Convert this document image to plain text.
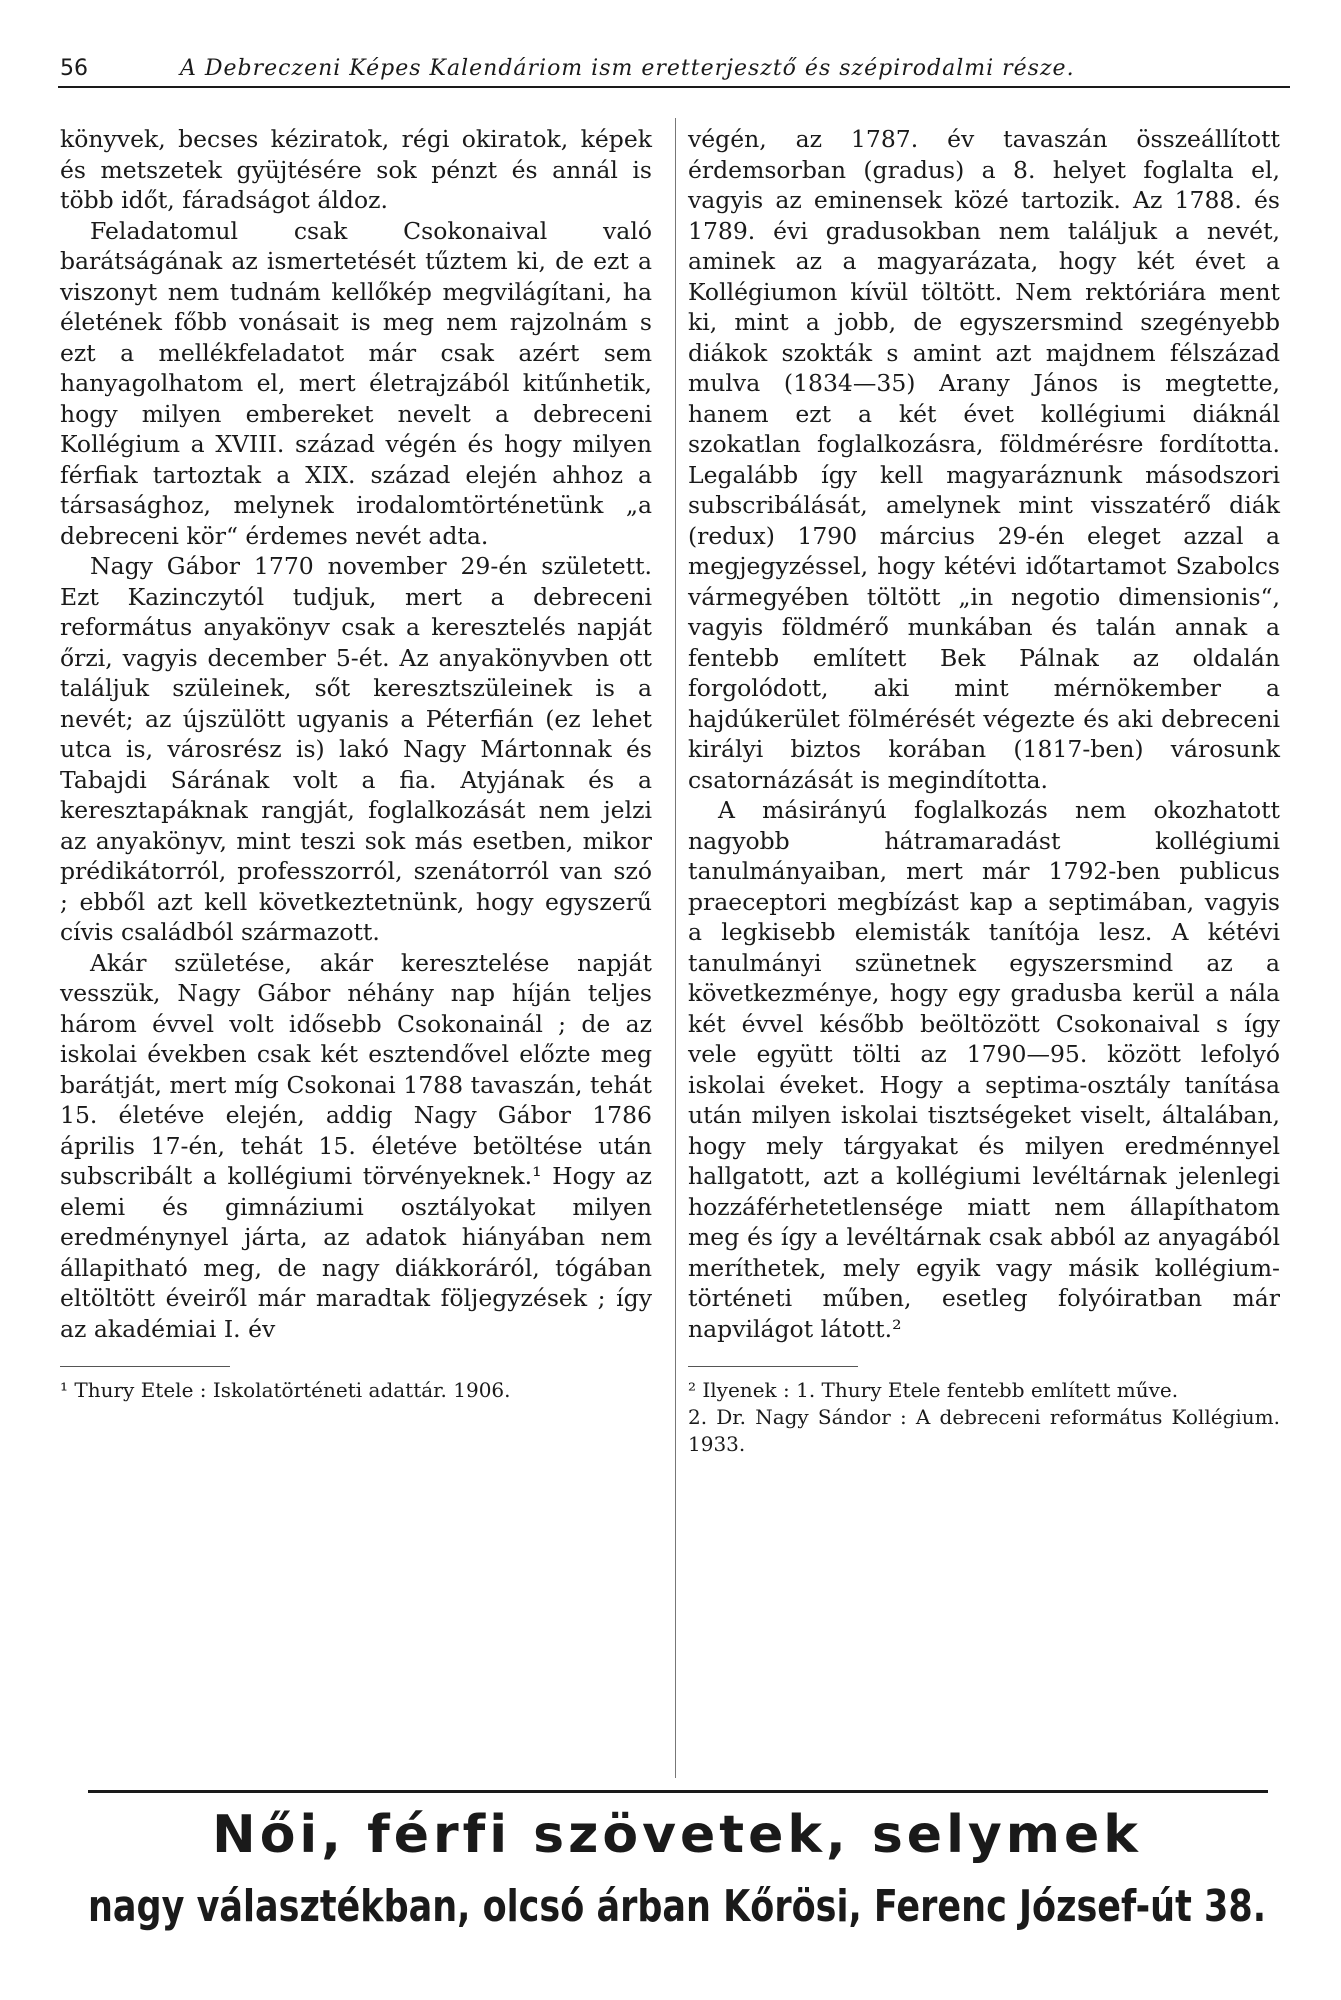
56	A Debreczeni Képes Kalendáriom ism eretterjesztő és szépirodalmi része.

könyvek, becses kéziratok, régi okiratok, képek és metszetek gyüjtésére sok pénzt és annál is több időt, fáradságot áldoz.

Feladatomul csak Csokonaival való barátságának az ismertetését tűztem ki, de ezt a viszonyt nem tudnám kellőkép megvilágítani, ha életének főbb vonásait is meg nem rajzolnám s ezt a mellékfeladatot már csak azért sem hanyagolhatom el, mert életrajzából kitűnhetik, hogy milyen embereket nevelt a debreceni Kollégium a XVIII. század végén és hogy milyen férfiak tartoztak a XIX. század elején ahhoz a társasághoz, melynek irodalomtörténetünk „a debreceni kör“ érdemes nevét adta.

Nagy Gábor 1770 november 29-én született. Ezt Kazinczytól tudjuk, mert a debreceni református anyakönyv csak a keresztelés napját őrzi, vagyis december 5-ét. Az anyakönyvben ott találjuk szüleinek, sőt keresztszüleinek is a nevét; az újszülött ugyanis a Péterfián (ez lehet utca is, városrész is) lakó Nagy Mártonnak és Tabajdi Sárának volt a fia. Atyjának és a keresztapáknak rangját, foglalkozását nem jelzi az anyakönyv, mint teszi sok más esetben, mikor prédikátorról, professzorról, szenátorról van szó ; ebből azt kell következtetnünk, hogy egyszerű cívis családból származott.

Akár születése, akár keresztelése napját vesszük, Nagy Gábor néhány nap híján teljes három évvel volt idősebb Csokonainál ; de az iskolai években csak két esztendővel előzte meg barátját, mert míg Csokonai 1788 tavaszán, tehát 15. életéve elején, addig Nagy Gábor 1786 április 17-én, tehát 15. életéve betöltése után subscribált a kollégiumi törvényeknek.¹ Hogy az elemi és gimnáziumi osztályokat milyen eredménynyel járta, az adatok hiányában nem állapitható meg, de nagy diákkoráról, tógában eltöltött éveiről már maradtak följegyzések ; így az akadémiai I. év

¹ Thury Etele : Iskolatörténeti adattár. 1906.

végén, az 1787. év tavaszán összeállított érdemsorban (gradus) a 8. helyet foglalta el, vagyis az eminensek közé tartozik. Az 1788. és 1789. évi gradusokban nem találjuk a nevét, aminek az a magyarázata, hogy két évet a Kollégiumon kívül töltött. Nem rektóriára ment ki, mint a jobb, de egyszersmind szegényebb diákok szokták s amint azt majdnem félszázad mulva (1834—35) Arany János is megtette, hanem ezt a két évet kollégiumi diáknál szokatlan foglalkozásra, földmérésre fordította. Legalább így kell magyaráznunk másodszori subscribálását, amelynek mint visszatérő diák (redux) 1790 március 29-én eleget azzal a megjegyzéssel, hogy kétévi időtartamot Szabolcs vármegyében töltött „in negotio dimensionis“, vagyis földmérő munkában és talán annak a fentebb említett Bek Pálnak az oldalán forgolódott, aki mint mérnökember a hajdúkerület fölmérését végezte és aki debreceni királyi biztos korában (1817-ben) városunk csatornázását is megindította.

A másirányú foglalkozás nem okozhatott nagyobb hátramaradást kollégiumi tanulmányaiban, mert már 1792-ben publicus praeceptori megbízást kap a septimában, vagyis a legkisebb elemisták tanítója lesz. A kétévi tanulmányi szünetnek egyszersmind az a következménye, hogy egy gradusba kerül a nála két évvel később beöltözött Csokonaival s így vele együtt tölti az 1790—95. között lefolyó iskolai éveket. Hogy a septima-osztály tanítása után milyen iskolai tisztségeket viselt, általában, hogy mely tárgyakat és milyen eredménnyel hallgatott, azt a kollégiumi levéltárnak jelenlegi hozzáférhetetlensége miatt nem állapíthatom meg és így a levéltárnak csak abból az anyagából meríthetek, mely egyik vagy másik kollégium-történeti műben, esetleg folyóiratban már napvilágot látott.²

² Ilyenek : 1. Thury Etele fentebb említett műve.

2. Dr. Nagy Sándor : A debreceni református Kollégium. 1933.

Női, férfi szövetek, selymek
nagy választékban, olcsó árban Kőrösi, Ferenc József-út 38.
